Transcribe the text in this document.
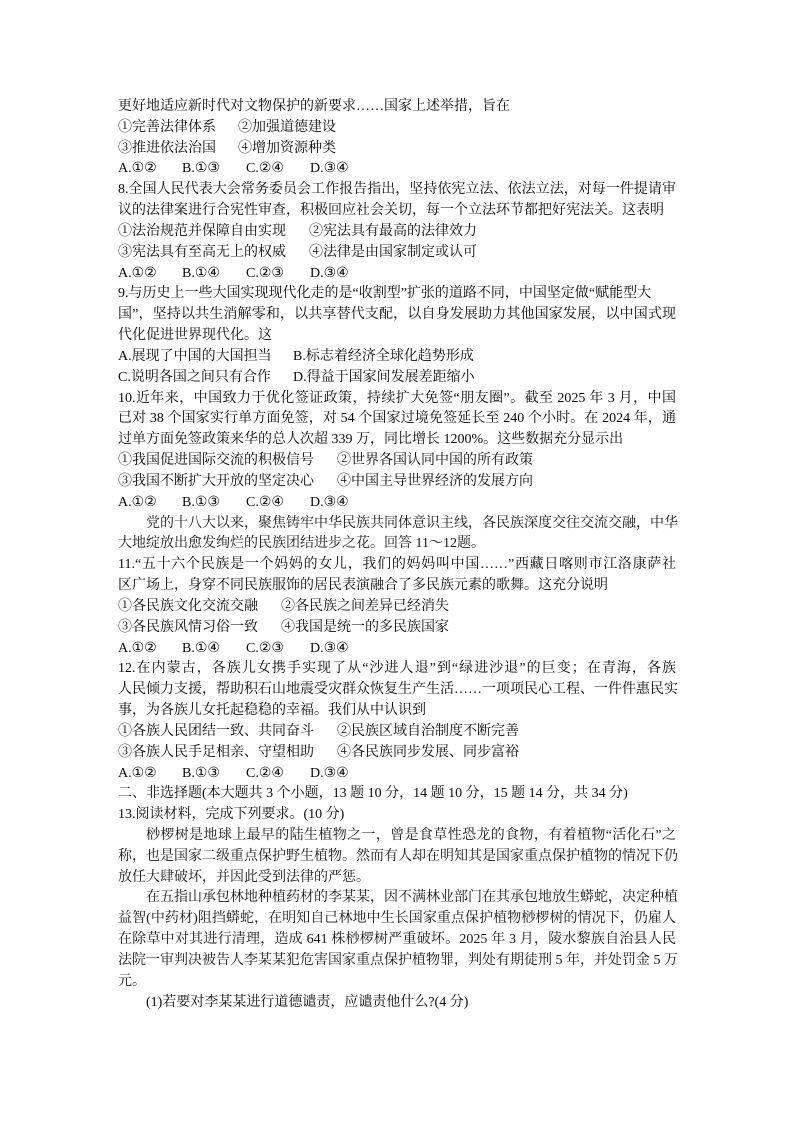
更好地适应新时代对文物保护的新要求……国家上述举措，旨在
①完善法律体系 ②加强道德建设
③推进依法治国 ④增加资源种类
A.①② B.①③ C.②④ D.③④
8.全国人民代表大会常务委员会工作报告指出，坚持依宪立法、依法立法，对每一件提请审
议的法律案进行合宪性审查，积极回应社会关切，每一个立法环节都把好宪法关。这表明
①法治规范并保障自由实现 ②宪法具有最高的法律效力
③宪法具有至高无上的权威 ④法律是由国家制定或认可
A.①② B.①④ C.②③ D.③④
9.与历史上一些大国实现现代化走的是“收割型”扩张的道路不同，中国坚定做“赋能型大
国”，坚持以共生消解零和，以共享替代支配，以自身发展助力其他国家发展，以中国式现
代化促进世界现代化。这
A.展现了中国的大国担当 B.标志着经济全球化趋势形成
C.说明各国之间只有合作 D.得益于国家间发展差距缩小
10.近年来，中国致力于优化签证政策，持续扩大免签“朋友圈”。截至 2025 年 3 月，中国
已对 38 个国家实行单方面免签，对 54 个国家过境免签延长至 240 个小时。在 2024 年，通
过单方面免签政策来华的总人次超 339 万，同比增长 1200%。这些数据充分显示出
①我国促进国际交流的积极信号 ②世界各国认同中国的所有政策
③我国不断扩大开放的坚定决心 ④中国主导世界经济的发展方向
A.①② B.①③ C.②④ D.③④
党的十八大以来，聚焦铸牢中华民族共同体意识主线，各民族深度交往交流交融，中华
大地绽放出愈发绚烂的民族团结进步之花。回答 11～12题。
11.“五十六个民族是一个妈妈的女儿，我们的妈妈叫中国……”西藏日喀则市江洛康萨社
区广场上，身穿不同民族服饰的居民表演融合了多民族元素的歌舞。这充分说明
①各民族文化交流交融 ②各民族之间差异已经消失
③各民族风情习俗一致 ④我国是统一的多民族国家
A.①② B.①④ C.②③ D.③④
12.在内蒙古，各族儿女携手实现了从“沙进人退”到“绿进沙退”的巨变；在青海，各族
人民倾力支援，帮助积石山地震受灾群众恢复生产生活……一项项民心工程、一件件惠民实
事，为各族儿女托起稳稳的幸福。我们从中认识到
①各族人民团结一致、共同奋斗 ②民族区域自治制度不断完善
③各族人民手足相亲、守望相助 ④各民族同步发展、同步富裕
A.①② B.①③ C.②④ D.③④
二、非选择题(本大题共 3 个小题，13 题 10 分，14 题 10 分，15 题 14 分，共 34 分)
13.阅读材料，完成下列要求。(10 分)
桫椤树是地球上最早的陆生植物之一，曾是食草性恐龙的食物，有着植物“活化石”之
称，也是国家二级重点保护野生植物。然而有人却在明知其是国家重点保护植物的情况下仍
放任大肆破坏，并因此受到法律的严惩。
在五指山承包林地种植药材的李某某，因不满林业部门在其承包地放生蟒蛇，决定种植
益智(中药材)阻挡蟒蛇，在明知自己林地中生长国家重点保护植物桫椤树的情况下，仍雇人
在除草中对其进行清理，造成 641 株桫椤树严重破坏。2025 年 3 月，陵水黎族自治县人民
法院一审判决被告人李某某犯危害国家重点保护植物罪，判处有期徒刑 5 年，并处罚金 5 万
元。
(1)若要对李某某进行道德谴责，应谴责他什么?(4 分)
